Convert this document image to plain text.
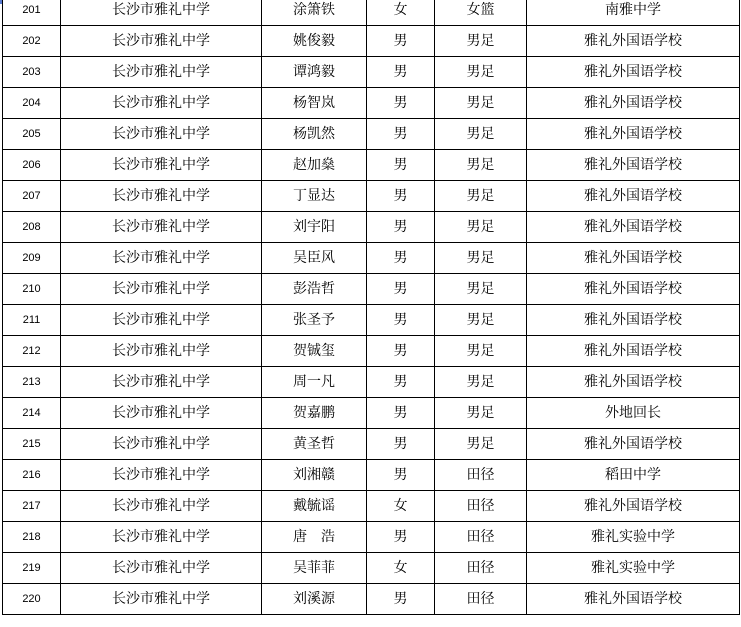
201	长沙市雅礼中学	涂箫铁	女	女篮	南雅中学
202	长沙市雅礼中学	姚俊毅	男	男足	雅礼外国语学校
203	长沙市雅礼中学	谭鸿毅	男	男足	雅礼外国语学校
204	长沙市雅礼中学	杨智岚	男	男足	雅礼外国语学校
205	长沙市雅礼中学	杨凯然	男	男足	雅礼外国语学校
206	长沙市雅礼中学	赵加燊	男	男足	雅礼外国语学校
207	长沙市雅礼中学	丁显达	男	男足	雅礼外国语学校
208	长沙市雅礼中学	刘宇阳	男	男足	雅礼外国语学校
209	长沙市雅礼中学	吴臣风	男	男足	雅礼外国语学校
210	长沙市雅礼中学	彭浩哲	男	男足	雅礼外国语学校
211	长沙市雅礼中学	张圣予	男	男足	雅礼外国语学校
212	长沙市雅礼中学	贺铖玺	男	男足	雅礼外国语学校
213	长沙市雅礼中学	周一凡	男	男足	雅礼外国语学校
214	长沙市雅礼中学	贺嘉鹏	男	男足	外地回长
215	长沙市雅礼中学	黄圣哲	男	男足	雅礼外国语学校
216	长沙市雅礼中学	刘湘赣	男	田径	稻田中学
217	长沙市雅礼中学	戴毓谣	女	田径	雅礼外国语学校
218	长沙市雅礼中学	唐　浩	男	田径	雅礼实验中学
219	长沙市雅礼中学	吴菲菲	女	田径	雅礼实验中学
220	长沙市雅礼中学	刘溪源	男	田径	雅礼外国语学校
